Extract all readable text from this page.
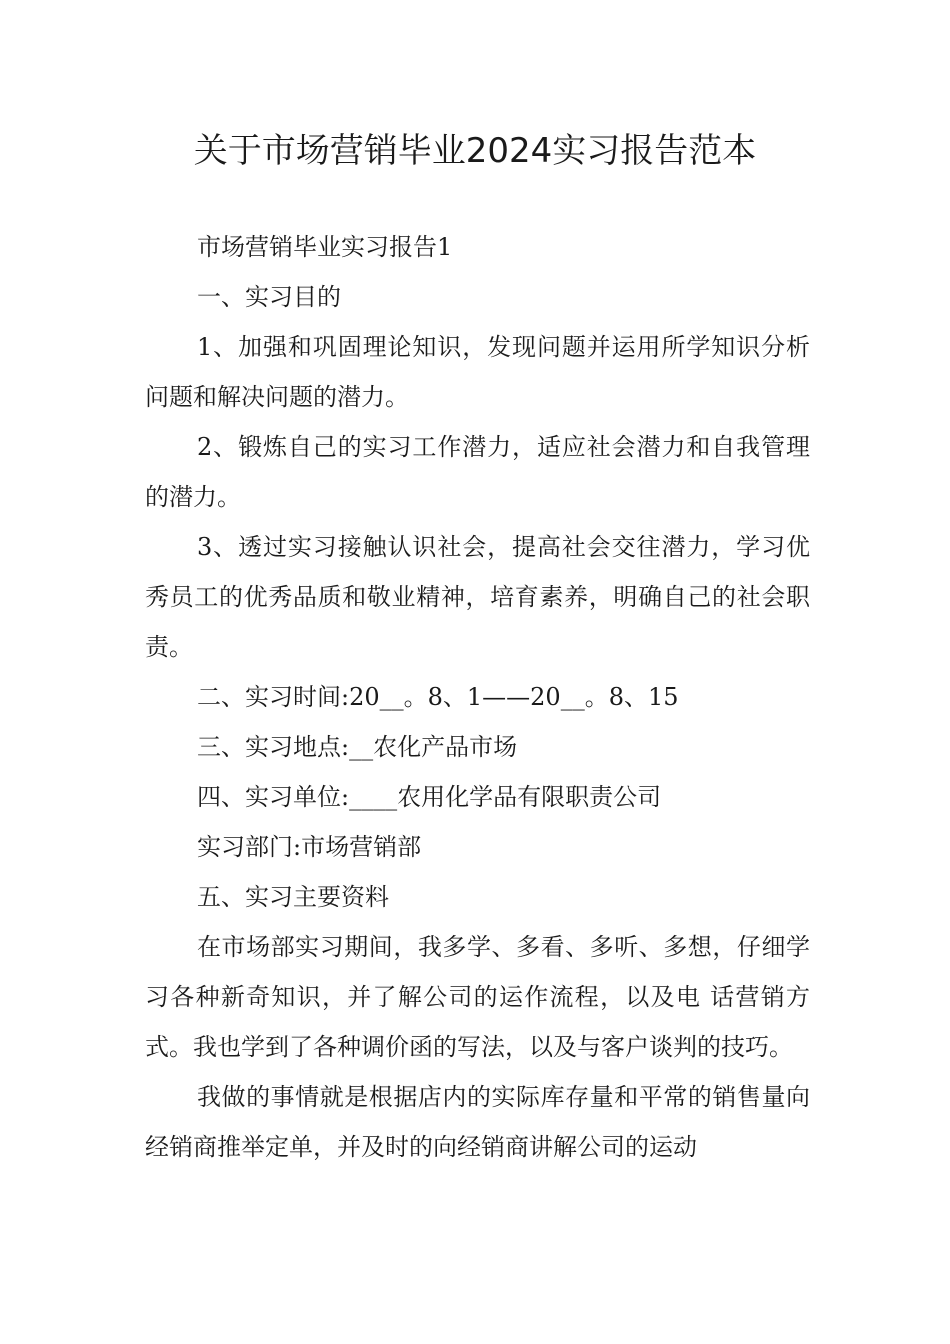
关于市场营销毕业2024实习报告范本

市场营销毕业实习报告1

一、实习目的

1、加强和巩固理论知识，发现问题并运用所学知识分析问题和解决问题的潜力。

2、锻炼自己的实习工作潜力，适应社会潜力和自我管理的潜力。

3、透过实习接触认识社会，提高社会交往潜力，学习优秀员工的优秀品质和敬业精神，培育素养，明确自己的社会职责。

二、实习时间:20__。8、1——20__。8、15

三、实习地点:__农化产品市场

四、实习单位:____农用化学品有限职责公司

实习部门:市场营销部

五、实习主要资料

在市场部实习期间，我多学、多看、多听、多想，仔细学习各种新奇知识，并了解公司的运作流程，以及电 话营销方式。我也学到了各种调价函的写法，以及与客户谈判的技巧。

我做的事情就是根据店内的实际库存量和平常的销售量向经销商推举定单，并及时的向经销商讲解公司的运动
